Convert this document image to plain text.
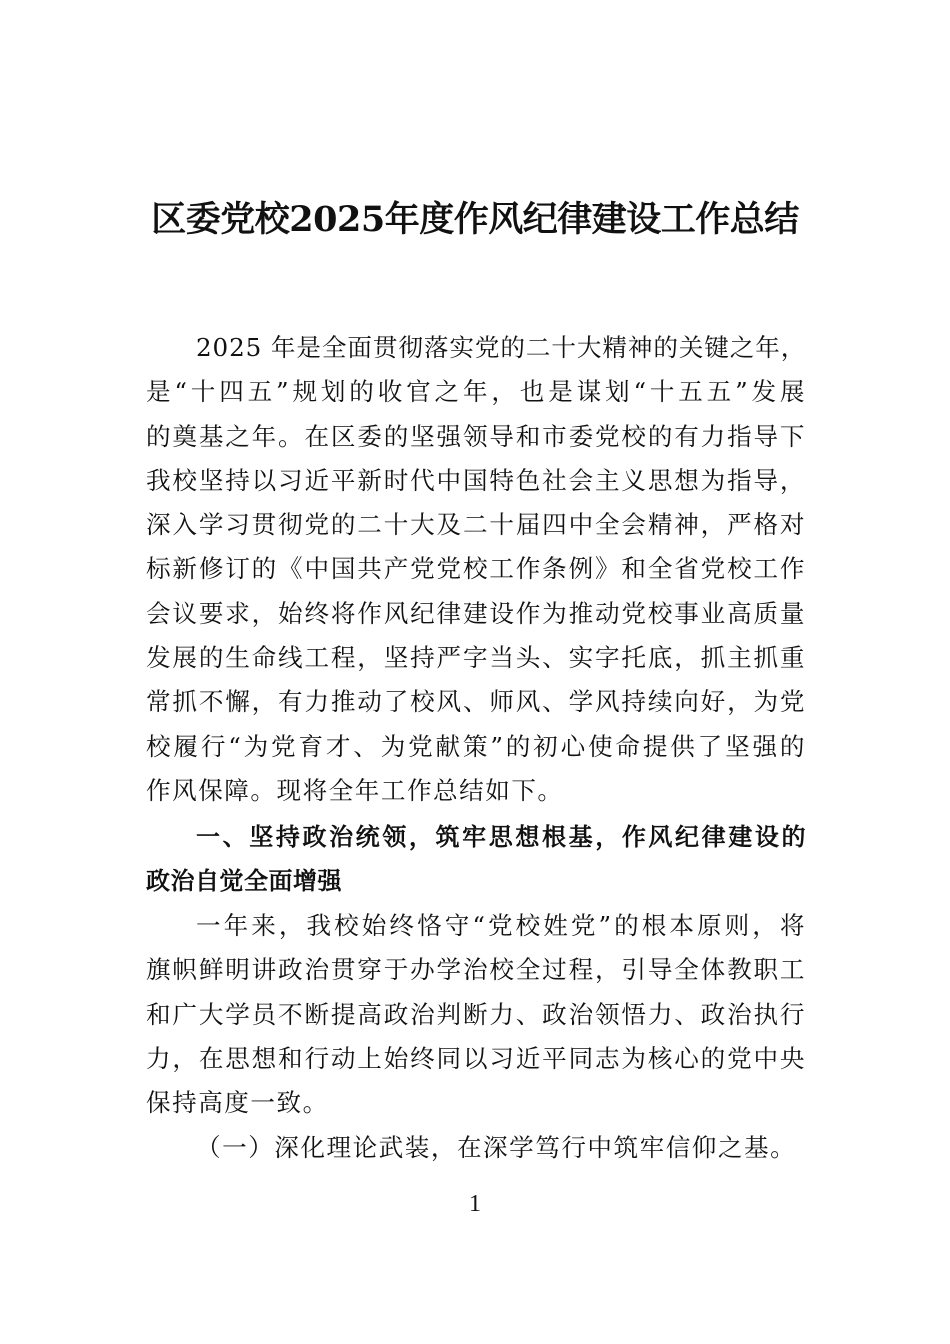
区委党校2025年度作风纪律建设工作总结
2025 年是全面贯彻落实党的二十大精神的关键之年，
是“十四五”规划的收官之年，也是谋划“十五五”发展
的奠基之年。在区委的坚强领导和市委党校的有力指导下
我校坚持以习近平新时代中国特色社会主义思想为指导，
深入学习贯彻党的二十大及二十届四中全会精神，严格对
标新修订的《中国共产党党校工作条例》和全省党校工作
会议要求，始终将作风纪律建设作为推动党校事业高质量
发展的生命线工程，坚持严字当头、实字托底，抓主抓重
常抓不懈，有力推动了校风、师风、学风持续向好，为党
校履行“为党育才、为党献策”的初心使命提供了坚强的
作风保障。现将全年工作总结如下。
一、坚持政治统领，筑牢思想根基，作风纪律建设的
政治自觉全面增强
一年来，我校始终恪守“党校姓党”的根本原则，将
旗帜鲜明讲政治贯穿于办学治校全过程，引导全体教职工
和广大学员不断提高政治判断力、政治领悟力、政治执行
力，在思想和行动上始终同以习近平同志为核心的党中央
保持高度一致。
（一）深化理论武装，在深学笃行中筑牢信仰之基。
1
